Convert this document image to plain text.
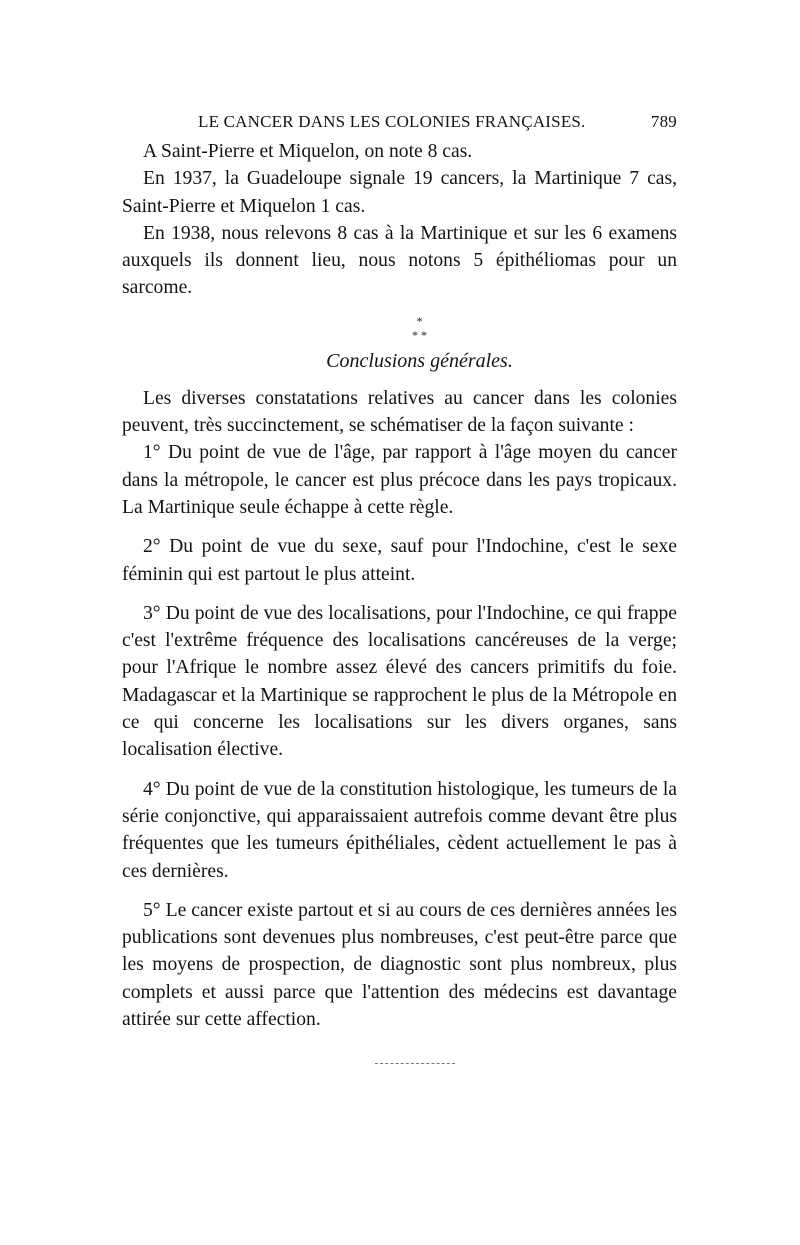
LE CANCER DANS LES COLONIES FRANÇAISES.	789

A Saint-Pierre et Miquelon, on note 8 cas.

En 1937, la Guadeloupe signale 19 cancers, la Martinique 7 cas, Saint-Pierre et Miquelon 1 cas.

En 1938, nous relevons 8 cas à la Martinique et sur les 6 examens auxquels ils donnent lieu, nous notons 5 épithéliomas pour un sarcome.

*
* *
Conclusions générales.

Les diverses constatations relatives au cancer dans les colonies peuvent, très succinctement, se schématiser de la façon suivante :

1° Du point de vue de l'âge, par rapport à l'âge moyen du cancer dans la métropole, le cancer est plus précoce dans les pays tropicaux. La Martinique seule échappe à cette règle.

2° Du point de vue du sexe, sauf pour l'Indochine, c'est le sexe féminin qui est partout le plus atteint.

3° Du point de vue des localisations, pour l'Indochine, ce qui frappe c'est l'extrême fréquence des localisations cancéreuses de la verge; pour l'Afrique le nombre assez élevé des cancers primitifs du foie. Madagascar et la Martinique se rapprochent le plus de la Métropole en ce qui concerne les localisations sur les divers organes, sans localisation élective.

4° Du point de vue de la constitution histologique, les tumeurs de la série conjonctive, qui apparaissaient autrefois comme devant être plus fréquentes que les tumeurs épithéliales, cèdent actuellement le pas à ces dernières.

5° Le cancer existe partout et si au cours de ces dernières années les publications sont devenues plus nombreuses, c'est peut-être parce que les moyens de prospection, de diagnostic sont plus nombreux, plus complets et aussi parce que l'attention des médecins est davantage attirée sur cette affection.
